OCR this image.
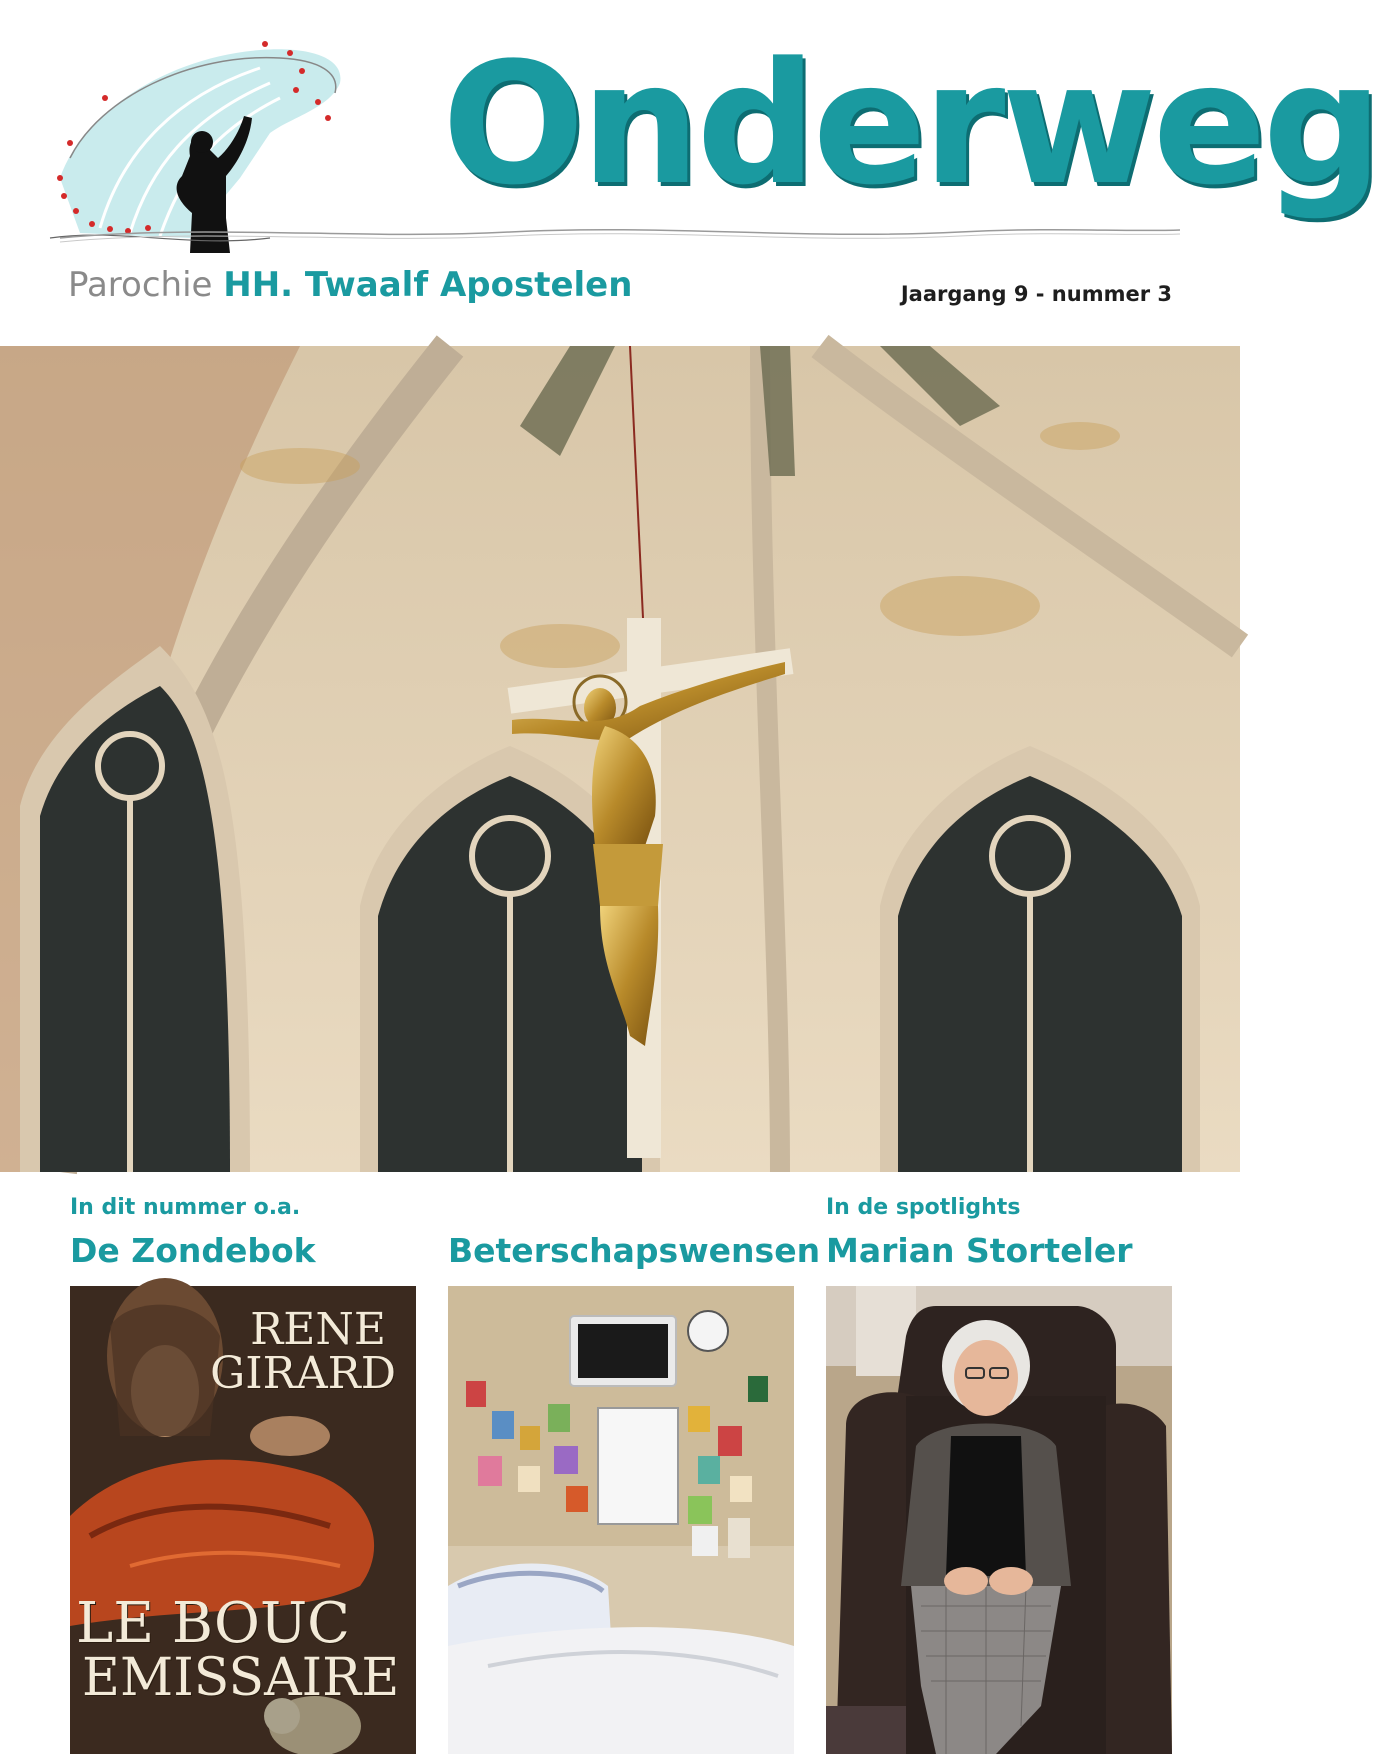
Onderweg
Parochie HH. Twaalf Apostelen	Jaargang 9 - nummer 3
In dit nummer o.a.
De Zondebok
RENE
GIRARD
LE BOUC
EMISSAIRE
Beterschapswensen
In de spotlights
Marian Storteler
